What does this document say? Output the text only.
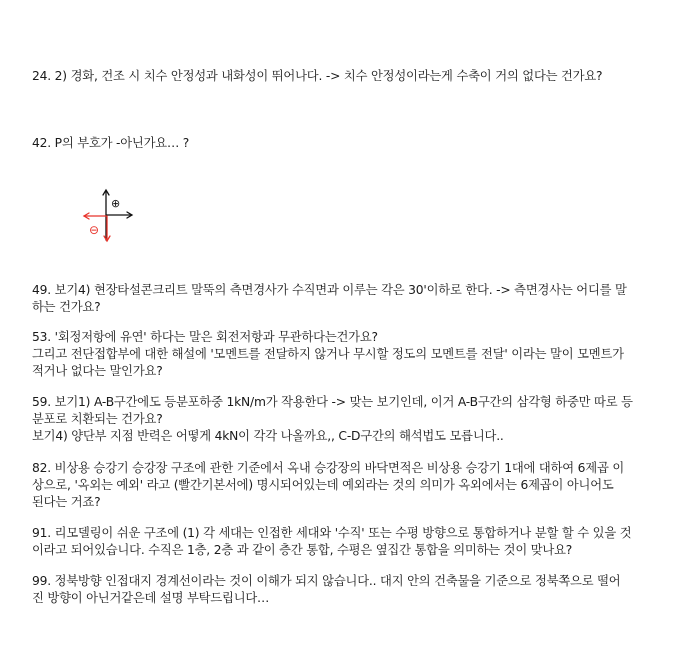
24. 2) 경화, 건조 시 치수 안정성과 내화성이 뛰어나다. -> 치수 안정성이라는게 수축이 거의 없다는 건가요?
42. P의 부호가 -아닌가요… ?
⊕
⊖
49. 보기4) 현장타설콘크리트 말뚝의 측면경사가 수직면과 이루는 각은 30'이하로 한다. -> 측면경사는 어디를 말
하는 건가요?
53. '회정저항에 유연' 하다는 말은 회전저항과 무관하다는건가요?
그리고 전단접합부에 대한 해설에 '모멘트를 전달하지 않거나 무시할 정도의 모멘트를 전달' 이라는 말이 모멘트가
적거나 없다는 말인가요?
59. 보기1) A-B구간에도 등분포하중 1kN/m가 작용한다 -> 맞는 보기인데, 이거 A-B구간의 삼각형 하중만 따로 등
분포로 치환되는 건가요?
보기4) 양단부 지점 반력은 어떻게 4kN이 각각 나올까요,, C-D구간의 해석법도 모릅니다..
82. 비상용 승강기 승강장 구조에 관한 기준에서 옥내 승강장의 바닥면적은 비상용 승강기 1대에 대하여 6제곱 이
상으로, '옥외는 예외' 라고 (빨간기본서에) 명시되어있는데 예외라는 것의 의미가 옥외에서는 6제곱이 아니어도
된다는 거죠?
91. 리모델링이 쉬운 구조에 (1) 각 세대는 인접한 세대와 '수직' 또는 수평 방향으로 통합하거나 분할 할 수 있을 것
이라고 되어있습니다. 수직은 1층, 2층 과 같이 층간 통합, 수평은 옆집간 통합을 의미하는 것이 맞나요?
99. 정북방향 인접대지 경계선이라는 것이 이해가 되지 않습니다.. 대지 안의 건축물을 기준으로 정북쪽으로 떨어
진 방향이 아닌거같은데 설명 부탁드립니다…
